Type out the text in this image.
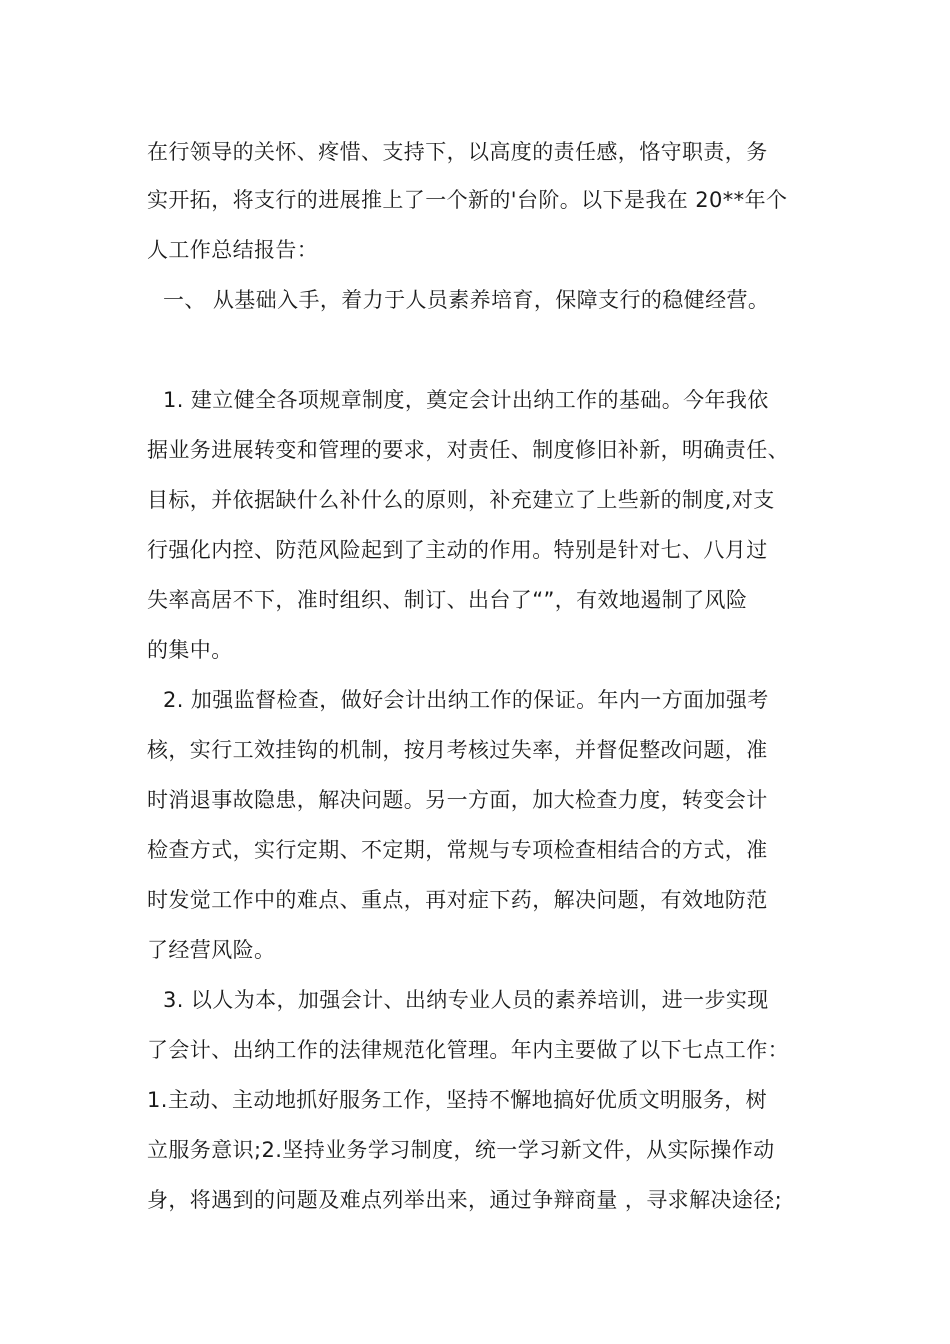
在行领导的关怀、疼惜、支持下，以高度的责任感，恪守职责，务
实开拓，将支行的进展推上了一个新的'台阶。以下是我在 20**年个
人工作总结报告：
一、 从基础入手，着力于人员素养培育，保障支行的稳健经营。
1. 建立健全各项规章制度，奠定会计出纳工作的基础。今年我依
据业务进展转变和管理的要求，对责任、制度修旧补新，明确责任、
目标，并依据缺什么补什么的原则，补充建立了上些新的制度,对支
行强化内控、防范风险起到了主动的作用。特别是针对七、八月过
失率高居不下，准时组织、制订、出台了“”，有效地遏制了风险
的集中。
2. 加强监督检查，做好会计出纳工作的保证。年内一方面加强考
核，实行工效挂钩的机制，按月考核过失率，并督促整改问题，准
时消退事故隐患，解决问题。另一方面，加大检查力度，转变会计
检查方式，实行定期、不定期，常规与专项检查相结合的方式，准
时发觉工作中的难点、重点，再对症下药，解决问题，有效地防范
了经营风险。
3. 以人为本，加强会计、出纳专业人员的素养培训，进一步实现
了会计、出纳工作的法律规范化管理。年内主要做了以下七点工作：
1.主动、主动地抓好服务工作，坚持不懈地搞好优质文明服务，树
立服务意识;2.坚持业务学习制度，统一学习新文件，从实际操作动
身，将遇到的问题及难点列举出来，通过争辩商量 ，寻求解决途径;
